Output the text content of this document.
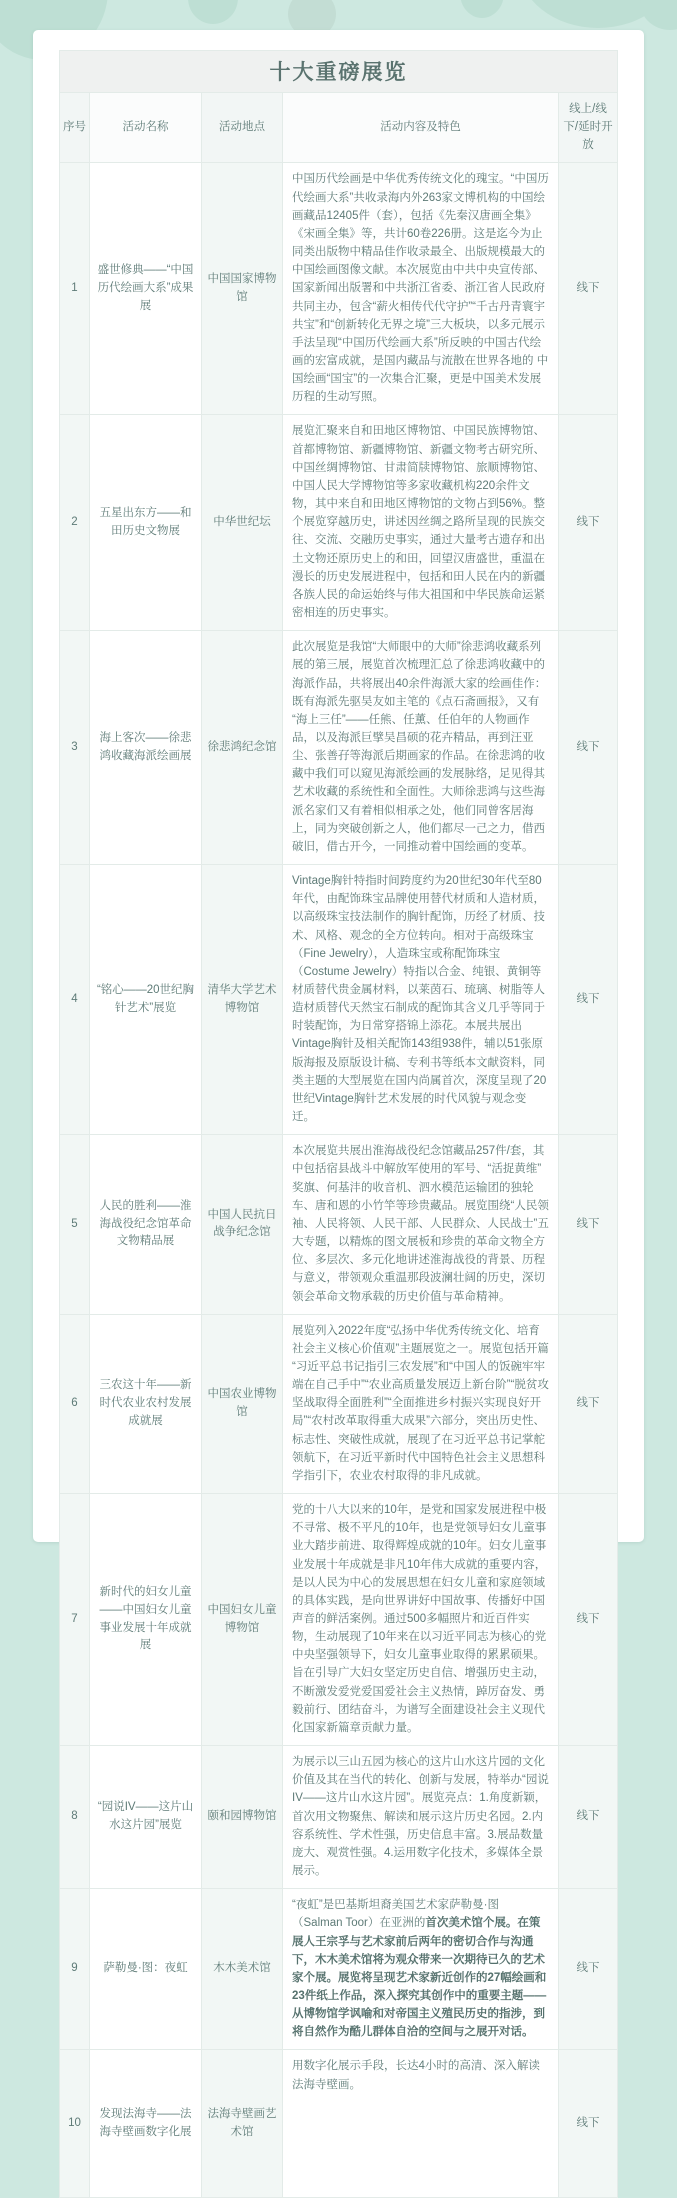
十大重磅展览
序号	活动名称	活动地点	活动内容及特色
线上/线下/延时开放
1
盛世修典——“中国历代绘画大系”成果展
中国国家博物馆
中国历代绘画是中华优秀传统文化的瑰宝。“中国历代绘画大系”共收录海内外263家文博机构的中国绘画藏品12405件（套），包括《先秦汉唐画全集》《宋画全集》等，共计60卷226册。这是迄今为止同类出版物中精品佳作收录最全、出版规模最大的中国绘画图像文献。本次展览由中共中央宣传部、国家新闻出版署和中共浙江省委、浙江省人民政府共同主办，包含“薪火相传代代守护”“千古丹青寰宇共宝”和“创新转化无界之境”三大板块，以多元展示手法呈现“中国历代绘画大系”所反映的中国古代绘画的宏富成就，是国内藏品与流散在世界各地的 中国绘画“国宝”的一次集合汇聚，更是中国美术发展历程的生动写照。
线下
2
五星出东方——和田历史文物展
中华世纪坛
展览汇聚来自和田地区博物馆、中国民族博物馆、首都博物馆、新疆博物馆、新疆文物考古研究所、中国丝绸博物馆、甘肃简牍博物馆、旅顺博物馆、中国人民大学博物馆等多家收藏机构220余件文物，其中来自和田地区博物馆的文物占到56%。整个展览穿越历史，讲述因丝绸之路所呈现的民族交往、交流、交融历史事实，通过大量考古遗存和出土文物还原历史上的和田，回望汉唐盛世，重温在漫长的历史发展进程中，包括和田人民在内的新疆各族人民的命运始终与伟大祖国和中华民族命运紧密相连的历史事实。
线下
3
海上客次——徐悲鸿收藏海派绘画展
徐悲鸿纪念馆
此次展览是我馆“大师眼中的大师”徐悲鸿收藏系列展的第三展，展览首次梳理汇总了徐悲鸿收藏中的海派作品，共将展出40余件海派大家的绘画佳作：既有海派先驱吴友如主笔的《点石斋画报》，又有 “海上三任”——任熊、任薰、任伯年的人物画作品，以及海派巨擘吴昌硕的花卉精品，再到汪亚尘、张善孖等海派后期画家的作品。在徐悲鸿的收藏中我们可以窥见海派绘画的发展脉络，足见得其艺术收藏的系统性和全面性。大师徐悲鸿与这些海派名家们又有着相似相承之处，他们同曾客居海上，同为突破创新之人，他们都尽一己之力，借西破旧，借古开今，一同推动着中国绘画的变革。
线下
4
“铭心——20世纪胸针艺术”展览
清华大学艺术博物馆
Vintage胸针特指时间跨度约为20世纪30年代至80年代，由配饰珠宝品牌使用替代材质和人造材质，以高级珠宝技法制作的胸针配饰，历经了材质、技术、风格、观念的全方位转向。相对于高级珠宝（Fine Jewelry），人造珠宝或称配饰珠宝（Costume Jewelry）特指以合金、纯银、黄铜等材质替代贵金属材料，以莱茵石、琉璃、树脂等人造材质替代天然宝石制成的配饰其含义几乎等同于时装配饰，为日常穿搭锦上添花。本展共展出Vintage胸针及相关配饰143组938件，辅以51张原版海报及原版设计稿、专利书等纸本文献资料，同类主题的大型展览在国内尚属首次，深度呈现了20世纪Vintage胸针艺术发展的时代风貌与观念变迁。
线下
5
人民的胜利——淮海战役纪念馆革命文物精品展
中国人民抗日战争纪念馆
本次展览共展出淮海战役纪念馆藏品257件/套，其中包括宿县战斗中解放军使用的军号、“活捉黄维”奖旗、何基沣的收音机、泗水模范运输团的独轮车、唐和恩的小竹竿等珍贵藏品。展览围绕“人民领袖、人民将领、人民干部、人民群众、人民战士”五大专题，以精炼的图文展板和珍贵的革命文物全方位、多层次、多元化地讲述淮海战役的背景、历程与意义，带领观众重温那段波澜壮阔的历史，深切领会革命文物承载的历史价值与革命精神。
线下
6
三农这十年——新时代农业农村发展成就展
中国农业博物馆
展览列入2022年度“弘扬中华优秀传统文化、培育社会主义核心价值观”主题展览之一。展览包括开篇“习近平总书记指引三农发展”和“中国人的饭碗牢牢端在自己手中”“农业高质量发展迈上新台阶”“脱贫攻坚战取得全面胜利”“全面推进乡村振兴实现良好开局”“农村改革取得重大成果”六部分，突出历史性、标志性、突破性成就，展现了在习近平总书记掌舵领航下，在习近平新时代中国特色社会主义思想科学指引下，农业农村取得的非凡成就。
线下
7
新时代的妇女儿童——中国妇女儿童事业发展十年成就展
中国妇女儿童博物馆
党的十八大以来的10年，是党和国家发展进程中极不寻常、极不平凡的10年，也是党领导妇女儿童事业大踏步前进、取得辉煌成就的10年。妇女儿童事业发展十年成就是非凡10年伟大成就的重要内容，是以人民为中心的发展思想在妇女儿童和家庭领域的具体实践，是向世界讲好中国故事、传播好中国声音的鲜活案例。通过500多幅照片和近百件实物，生动展现了10年来在以习近平同志为核心的党中央坚强领导下，妇女儿童事业取得的累累硕果。旨在引导广大妇女坚定历史自信、增强历史主动，不断激发爱党爱国爱社会主义热情，踔厉奋发、勇毅前行、团结奋斗，为谱写全面建设社会主义现代化国家新篇章贡献力量。
线下
8
“园说IV——这片山水这片园”展览
颐和园博物馆
为展示以三山五园为核心的这片山水这片园的文化价值及其在当代的转化、创新与发展，特举办“园说IV——这片山水这片园”。展览亮点：1.角度新颖，首次用文物聚焦、解读和展示这片历史名园。2.内容系统性、学术性强，历史信息丰富。3.展品数量庞大、观赏性强。4.运用数字化技术，多媒体全景展示。
线下
9	萨勒曼·图：夜虹	木木美术馆
“夜虹”是巴基斯坦裔美国艺术家萨勒曼·图（Salman Toor）在亚洲的首次美术馆个展。在策展人王宗孚与艺术家前后两年的密切合作与沟通下，木木美术馆将为观众带来一次期待已久的艺术家个展。展览将呈现艺术家新近创作的27幅绘画和23件纸上作品，深入探究其创作中的重要主题——从博物馆学讽喻和对帝国主义殖民历史的指涉，到将自然作为酷儿群体自洽的空间与之展开对话。
线下
10
发现法海寺——法海寺壁画数字化展
法海寺壁画艺术馆
用数字化展示手段，长达4小时的高清、深入解读法海寺壁画。
线下
